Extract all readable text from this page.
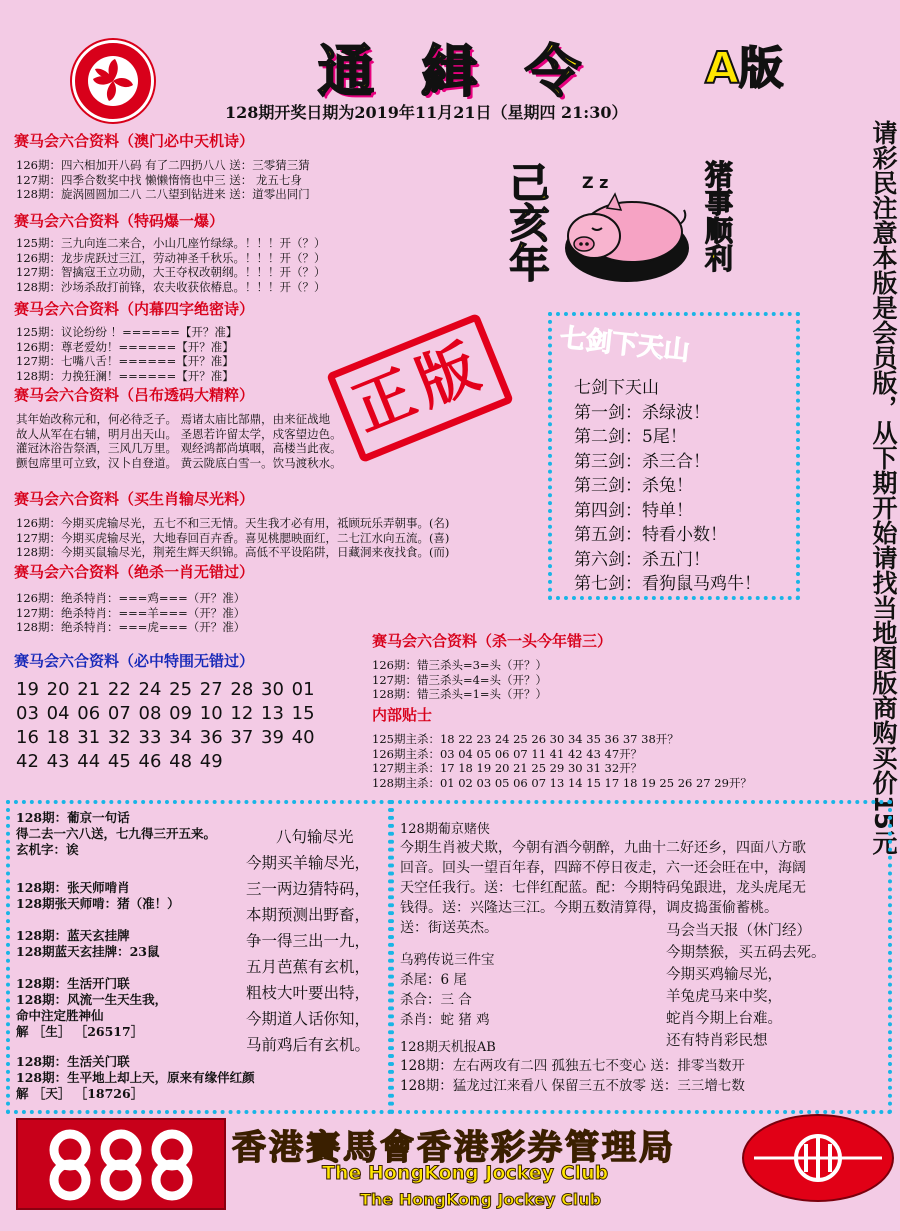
通 緝 令	A版
128期开奖日期为2019年11月21日（星期四 21:30）
请彩民注意本版是会员版，从下期开始请找当地图版商购买价15元
赛马会六合资料（澳门必中天机诗）
126期：四六相加开八码 有了二四扔八八 送：三零猜三猜
127期：四季合数奖中找 懒懒惰惰也中三 送： 龙五七身
128期：旋涡圆圆加二八 二八望到钻进来 送：道零出同门
赛马会六合资料（特码爆一爆）
125期：三九向连二来合，小山几座竹绿绿。！！！开（？）
126期：龙步虎跃过三江，劳动神圣千秋乐。！！！开（？）
127期：智擒寇王立功勋，大王夺权改朝纲。！！！开（？）
128期：沙场杀敌打前锋，农夫收获依椿息。！！！开（？）
赛马会六合资料（内幕四字绝密诗）
125期：议论纷纷 ！======【开？准】
126期：尊老爱幼！======【开？准】
127期：七嘴八舌！======【开？准】
128期：力挽狂澜！======【开？准】
赛马会六合资料（吕布透码大精粹）
其年始改称元和，何必待乏子。 焉诸太庙比郜鼎，由来征战地
故人从军在右辅，明月出天山。 圣恩若许留太学，戍客望边色。
灌冠沐浴告祭酒，三风几万里。 观经鸿都尚填咽，高楼当此夜。
颤包席里可立致，汉卜自登道。 黄云陇底白雪一。饮马渡秋水。
赛马会六合资料（买生肖输尽光料）
126期：今期买虎输尽光，五七不和三无情。天生我才必有用，祗顾玩乐弄朝事。(名)
127期：今期买虎输尽光，大地春回百卉香。喜见桃腮映面红，二七江水向五流。(喜)
128期：今期买鼠输尽光，荆茺生辉天织锦。高低不平设陷阱，日藏洞来夜找食。(而)
赛马会六合资料（绝杀一肖无错过）
126期：绝杀特肖：===鸡===（开？准）
127期：绝杀特肖：===羊===（开？准）
128期：绝杀特肖：===虎===（开？准）
赛马会六合资料（必中特围无错过）
19 20 21 22 24 25 27 28 30 01
03 04 06 07 08 09 10 12 13 15
16 18 31 32 33 34 36 37 39 40
42 43 44 45 46 48 49
己亥年	猪事顺利
Z z
正版	七剑下天山
七剑下天山
第一剑：杀绿波！
第二剑：5尾！
第三剑：杀三合！
第三剑：杀兔！
第四剑：特单！
第五剑：特看小数！
第六剑：杀五门！
第七剑：看狗鼠马鸡牛！
赛马会六合资料（杀一头今年错三）
126期：错三杀头=3=头（开？）
127期：错三杀头=4=头（开？）
128期：错三杀头=1=头（开？）
内部贴士
125期主杀：18 22 23 24 25 26 30 34 35 36 37 38开？
126期主杀：03 04 05 06 07 11 41 42 43 47开？
127期主杀：17 18 19 20 21 25 29 30 31 32开？
128期主杀：01 02 03 05 06 07 13 14 15 17 18 19 25 26 27 29开？
128期：葡京一句话
得二去一六八送，七九得三开五来。
玄机字：诶
128期：张天师啃肖
128期张天师啃：猪（准！）
128期：蓝天玄挂牌
128期蓝天玄挂牌：23鼠
128期：生活开门联
128期：风流一生天生我，
命中注定胜神仙
解 ［生］ ［26517］
128期：生活关门联
128期：生平地上却上天，原来有缘伴红颜
解 ［天］ ［18726］
八句输尽光
今期买羊输尽光，
三一两边猜特码，
本期预测出野畜，
争一得三出一九，
五月芭蕉有玄机，
粗枝大叶要出特，
今期道人话你知，
马前鸡后有玄机。
128期葡京赌侠
今期生肖被犬欺，今朝有酒今朝醉，九曲十二好还乡，四面八方歌
回音。回头一望百年春，四蹄不停日夜走，六一还会旺在中，海阔
天空任我行。送：七伴红配蓝。配：今期特码兔跟进，龙头虎尾无
钱得。送：兴隆达三江。今期五数清算得，调皮捣蛋偷蓄桃。
送：街送英杰。
乌鸦传说三件宝
杀尾：6 尾
杀合：三 合
杀肖：蛇 猪 鸡
马会当天报（休门经）
今期禁猴，买五码去死。
今期买鸡输尽光，
羊兔虎马来中奖，
蛇肖今期上台难。
还有特肖彩民想
128期天机报AB
128期：左右两攻有二四 孤独五七不变心 送：排零当数开
128期：猛龙过江来看八 保留三五不放零 送：三三增七数
香港賽馬會香港彩券管理局
The HongKong Jockey Club
The HongKong Jockey Club
